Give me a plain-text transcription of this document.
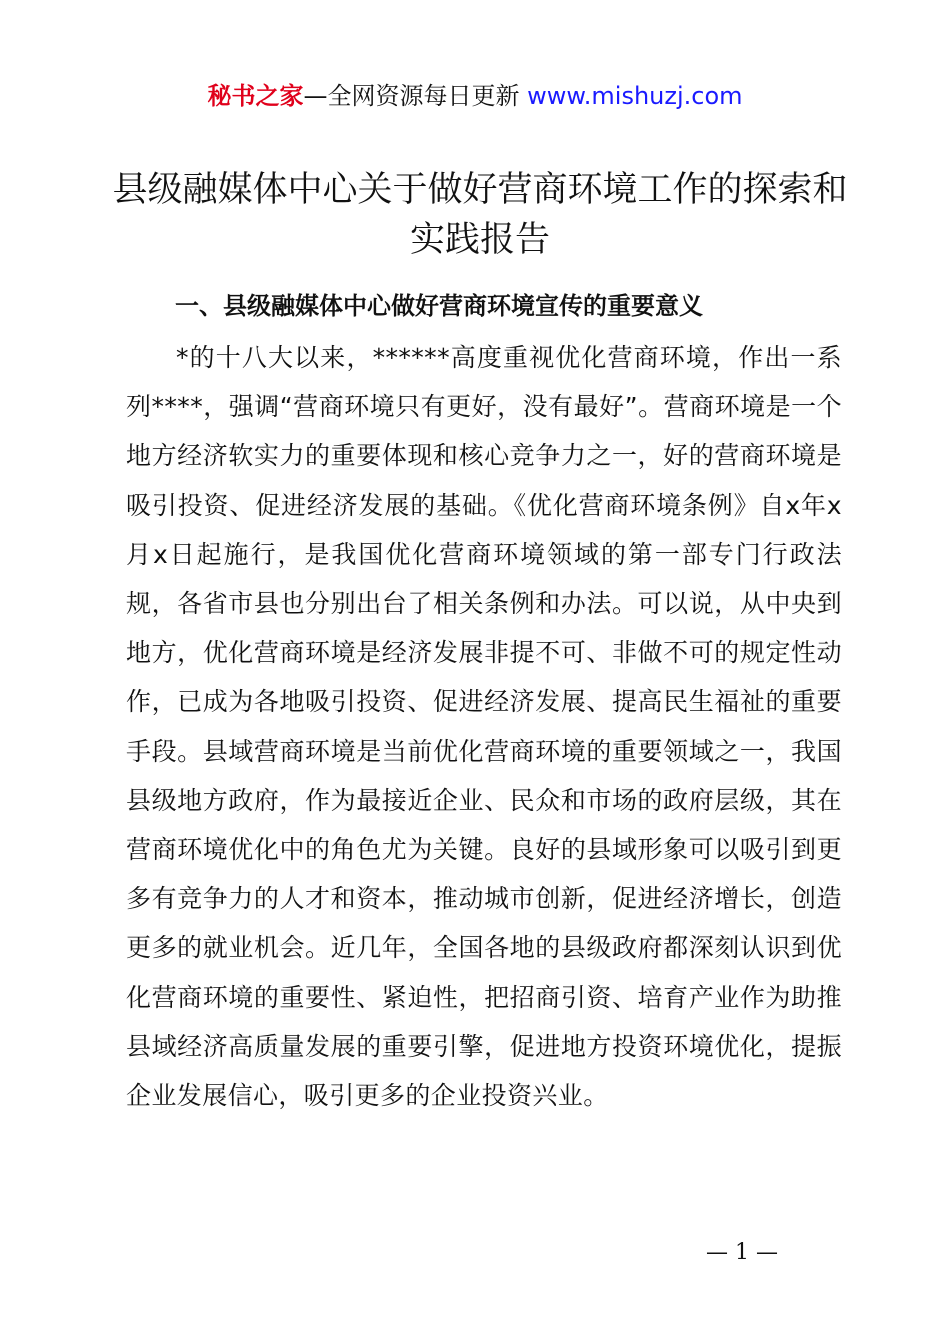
秘书之家—全网资源每日更新 www.mishuzj.com
县级融媒体中心关于做好营商环境工作的探索和实践报告
一、县级融媒体中心做好营商环境宣传的重要意义

*的十八大以来，******高度重视优化营商环境，作出一系列****，强调“营商环境只有更好，没有最好”。营商环境是一个地方经济软实力的重要体现和核心竞争力之一，好的营商环境是吸引投资、促进经济发展的基础。《优化营商环境条例》自x年x月x日起施行，是我国优化营商环境领域的第一部专门行政法规，各省市县也分别出台了相关条例和办法。可以说，从中央到地方，优化营商环境是经济发展非提不可、非做不可的规定性动作，已成为各地吸引投资、促进经济发展、提高民生福祉的重要手段。县域营商环境是当前优化营商环境的重要领域之一，我国县级地方政府，作为最接近企业、民众和市场的政府层级，其在营商环境优化中的角色尤为关键。良好的县域形象可以吸引到更多有竞争力的人才和资本，推动城市创新，促进经济增长，创造更多的就业机会。近几年，全国各地的县级政府都深刻认识到优化营商环境的重要性、紧迫性，把招商引资、培育产业作为助推县域经济高质量发展的重要引擎，促进地方投资环境优化，提振企业发展信心，吸引更多的企业投资兴业。

— 1 —
